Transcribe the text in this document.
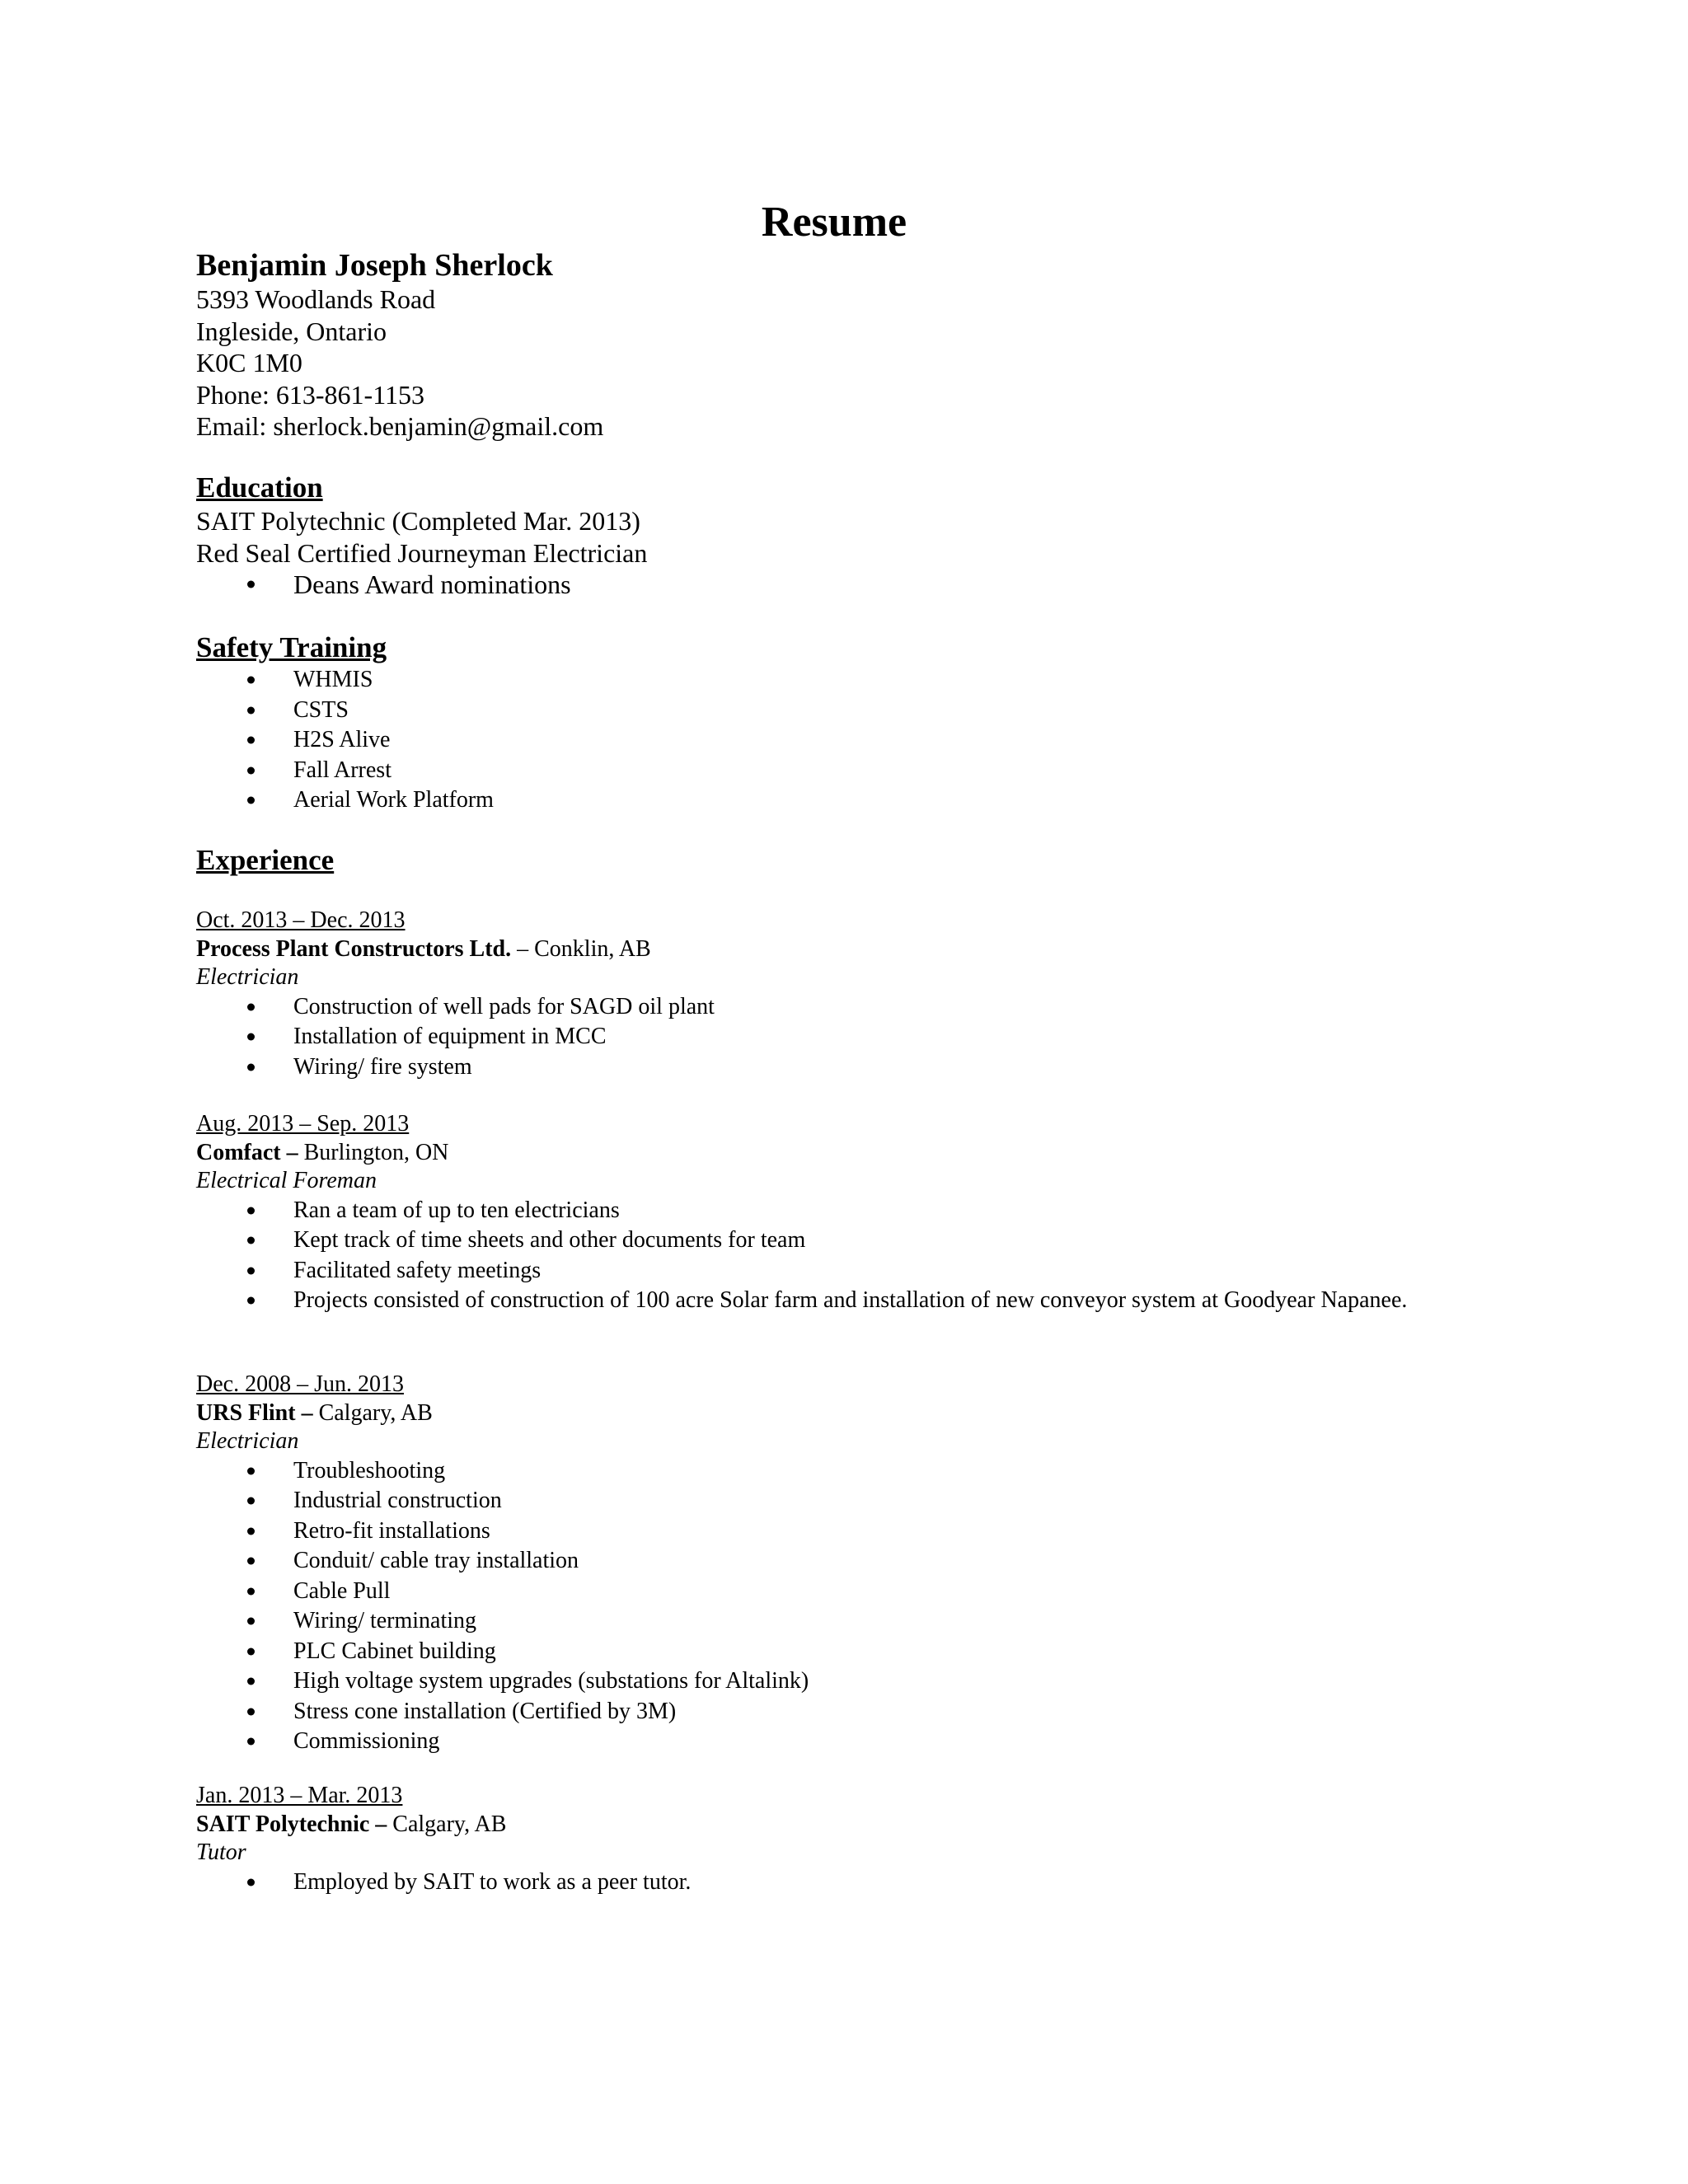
Resume
Benjamin Joseph Sherlock
5393 Woodlands Road
Ingleside, Ontario
K0C 1M0
Phone: 613-861-1153
Email: sherlock.benjamin@gmail.com
Education
SAIT Polytechnic (Completed Mar. 2013)
Red Seal Certified Journeyman Electrician
Deans Award nominations
Safety Training
WHMIS
CSTS
H2S Alive
Fall Arrest
Aerial Work Platform
Experience
Oct. 2013 – Dec. 2013
Process Plant Constructors Ltd. – Conklin, AB
Electrician
Construction of well pads for SAGD oil plant
Installation of equipment in MCC
Wiring/ fire system
Aug. 2013 – Sep. 2013
Comfact – Burlington, ON
Electrical Foreman
Ran a team of up to ten electricians
Kept track of time sheets and other documents for team
Facilitated safety meetings
Projects consisted of construction of 100 acre Solar farm and installation of new conveyor system at Goodyear Napanee.
Dec. 2008 – Jun. 2013
URS Flint – Calgary, AB
Electrician
Troubleshooting
Industrial construction
Retro-fit installations
Conduit/ cable tray installation
Cable Pull
Wiring/ terminating
PLC Cabinet building
High voltage system upgrades (substations for Altalink)
Stress cone installation (Certified by 3M)
Commissioning
Jan. 2013 – Mar. 2013
SAIT Polytechnic – Calgary, AB
Tutor
Employed by SAIT to work as a peer tutor.
